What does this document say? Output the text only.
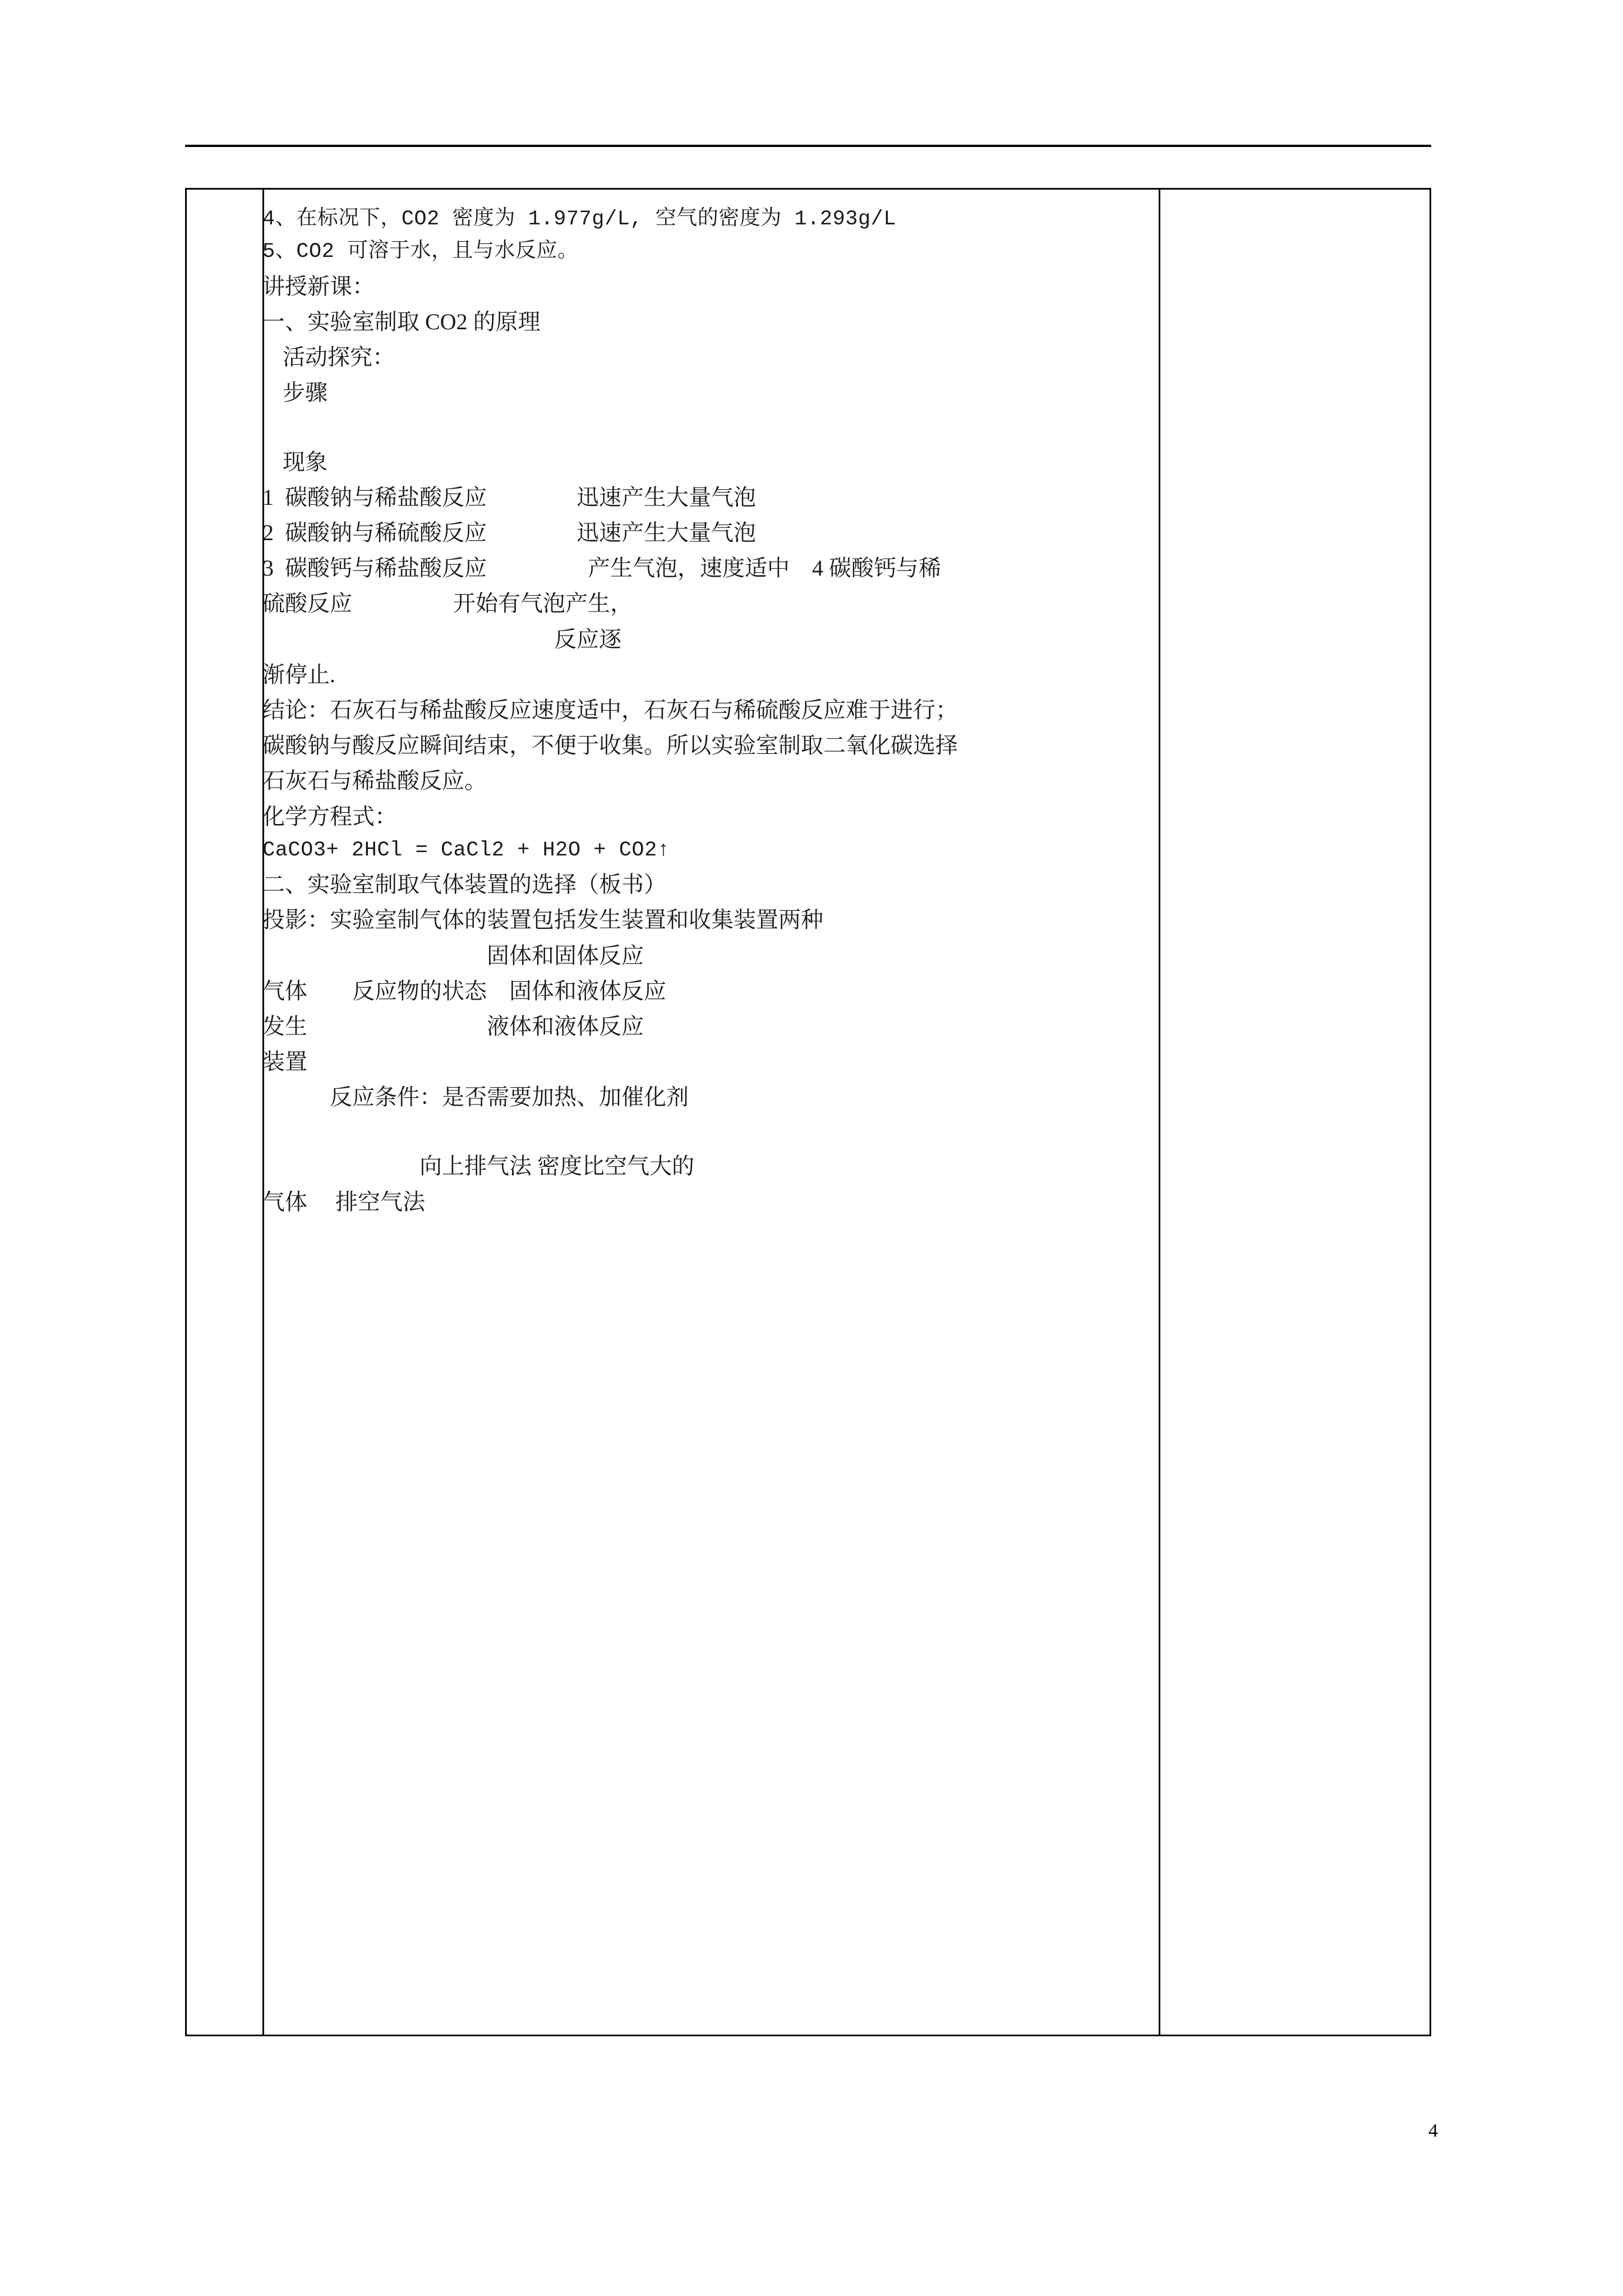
4、在标况下，CO2 密度为 1.977g/L, 空气的密度为 1.293g/L
5、CO2 可溶于水，且与水反应。
讲授新课：
一、实验室制取 CO2 的原理
活动探究：
步骤
现象
1  碳酸钠与稀盐酸反应                迅速产生大量气泡
2  碳酸钠与稀硫酸反应                迅速产生大量气泡
3  碳酸钙与稀盐酸反应                  产生气泡，速度适中    4 碳酸钙与稀
硫酸反应                  开始有气泡产生，
反应逐
渐停止.
结论：石灰石与稀盐酸反应速度适中，石灰石与稀硫酸反应难于进行；
碳酸钠与酸反应瞬间结束，不便于收集。所以实验室制取二氧化碳选择
石灰石与稀盐酸反应。
化学方程式：
CaCO3+ 2HCl = CaCl2 + H2O + CO2↑
二、实验室制取气体装置的选择（板书）
投影：实验室制气体的装置包括发生装置和收集装置两种
固体和固体反应
气体        反应物的状态    固体和液体反应
发生                                液体和液体反应
装置
反应条件：是否需要加热、加催化剂
向上排气法 密度比空气大的
气体     排空气法
4
